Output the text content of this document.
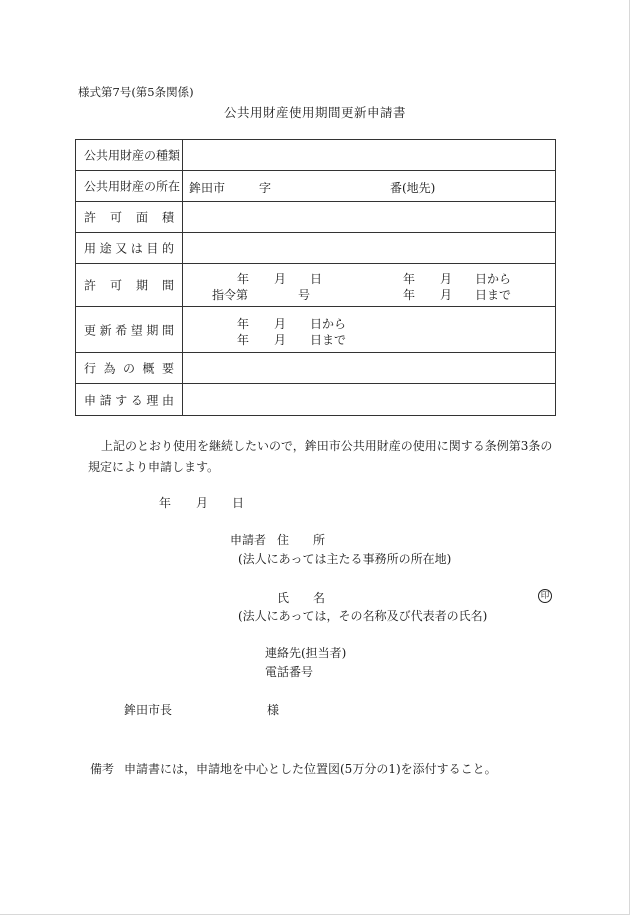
様式第7号(第5条関係)
公共用財産使用期間更新申請書
公共用財産の種類
公共用財産の所在 鉾田市	字	番(地先)
許 可 面 積
用 途 又 は 目 的
許 可 期 間	年 月 日	年 月 日から
指令第	号	年 月 日まで
更 新 希 望 期 間	年 月 日から
年 月 日まで
行 為 の 概 要
申 請 す る 理 由
上記のとおり使用を継続したいので，鉾田市公共用財産の使用に関する条例第3条の
規定により申請します。
年 月 日
申請者 住 所
(法人にあっては主たる事務所の所在地)
氏 名	印
(法人にあっては，その名称及び代表者の氏名)
連絡先(担当者)
電話番号
鉾田市長	様
備考 申請書には，申請地を中心とした位置図(5万分の1)を添付すること。
